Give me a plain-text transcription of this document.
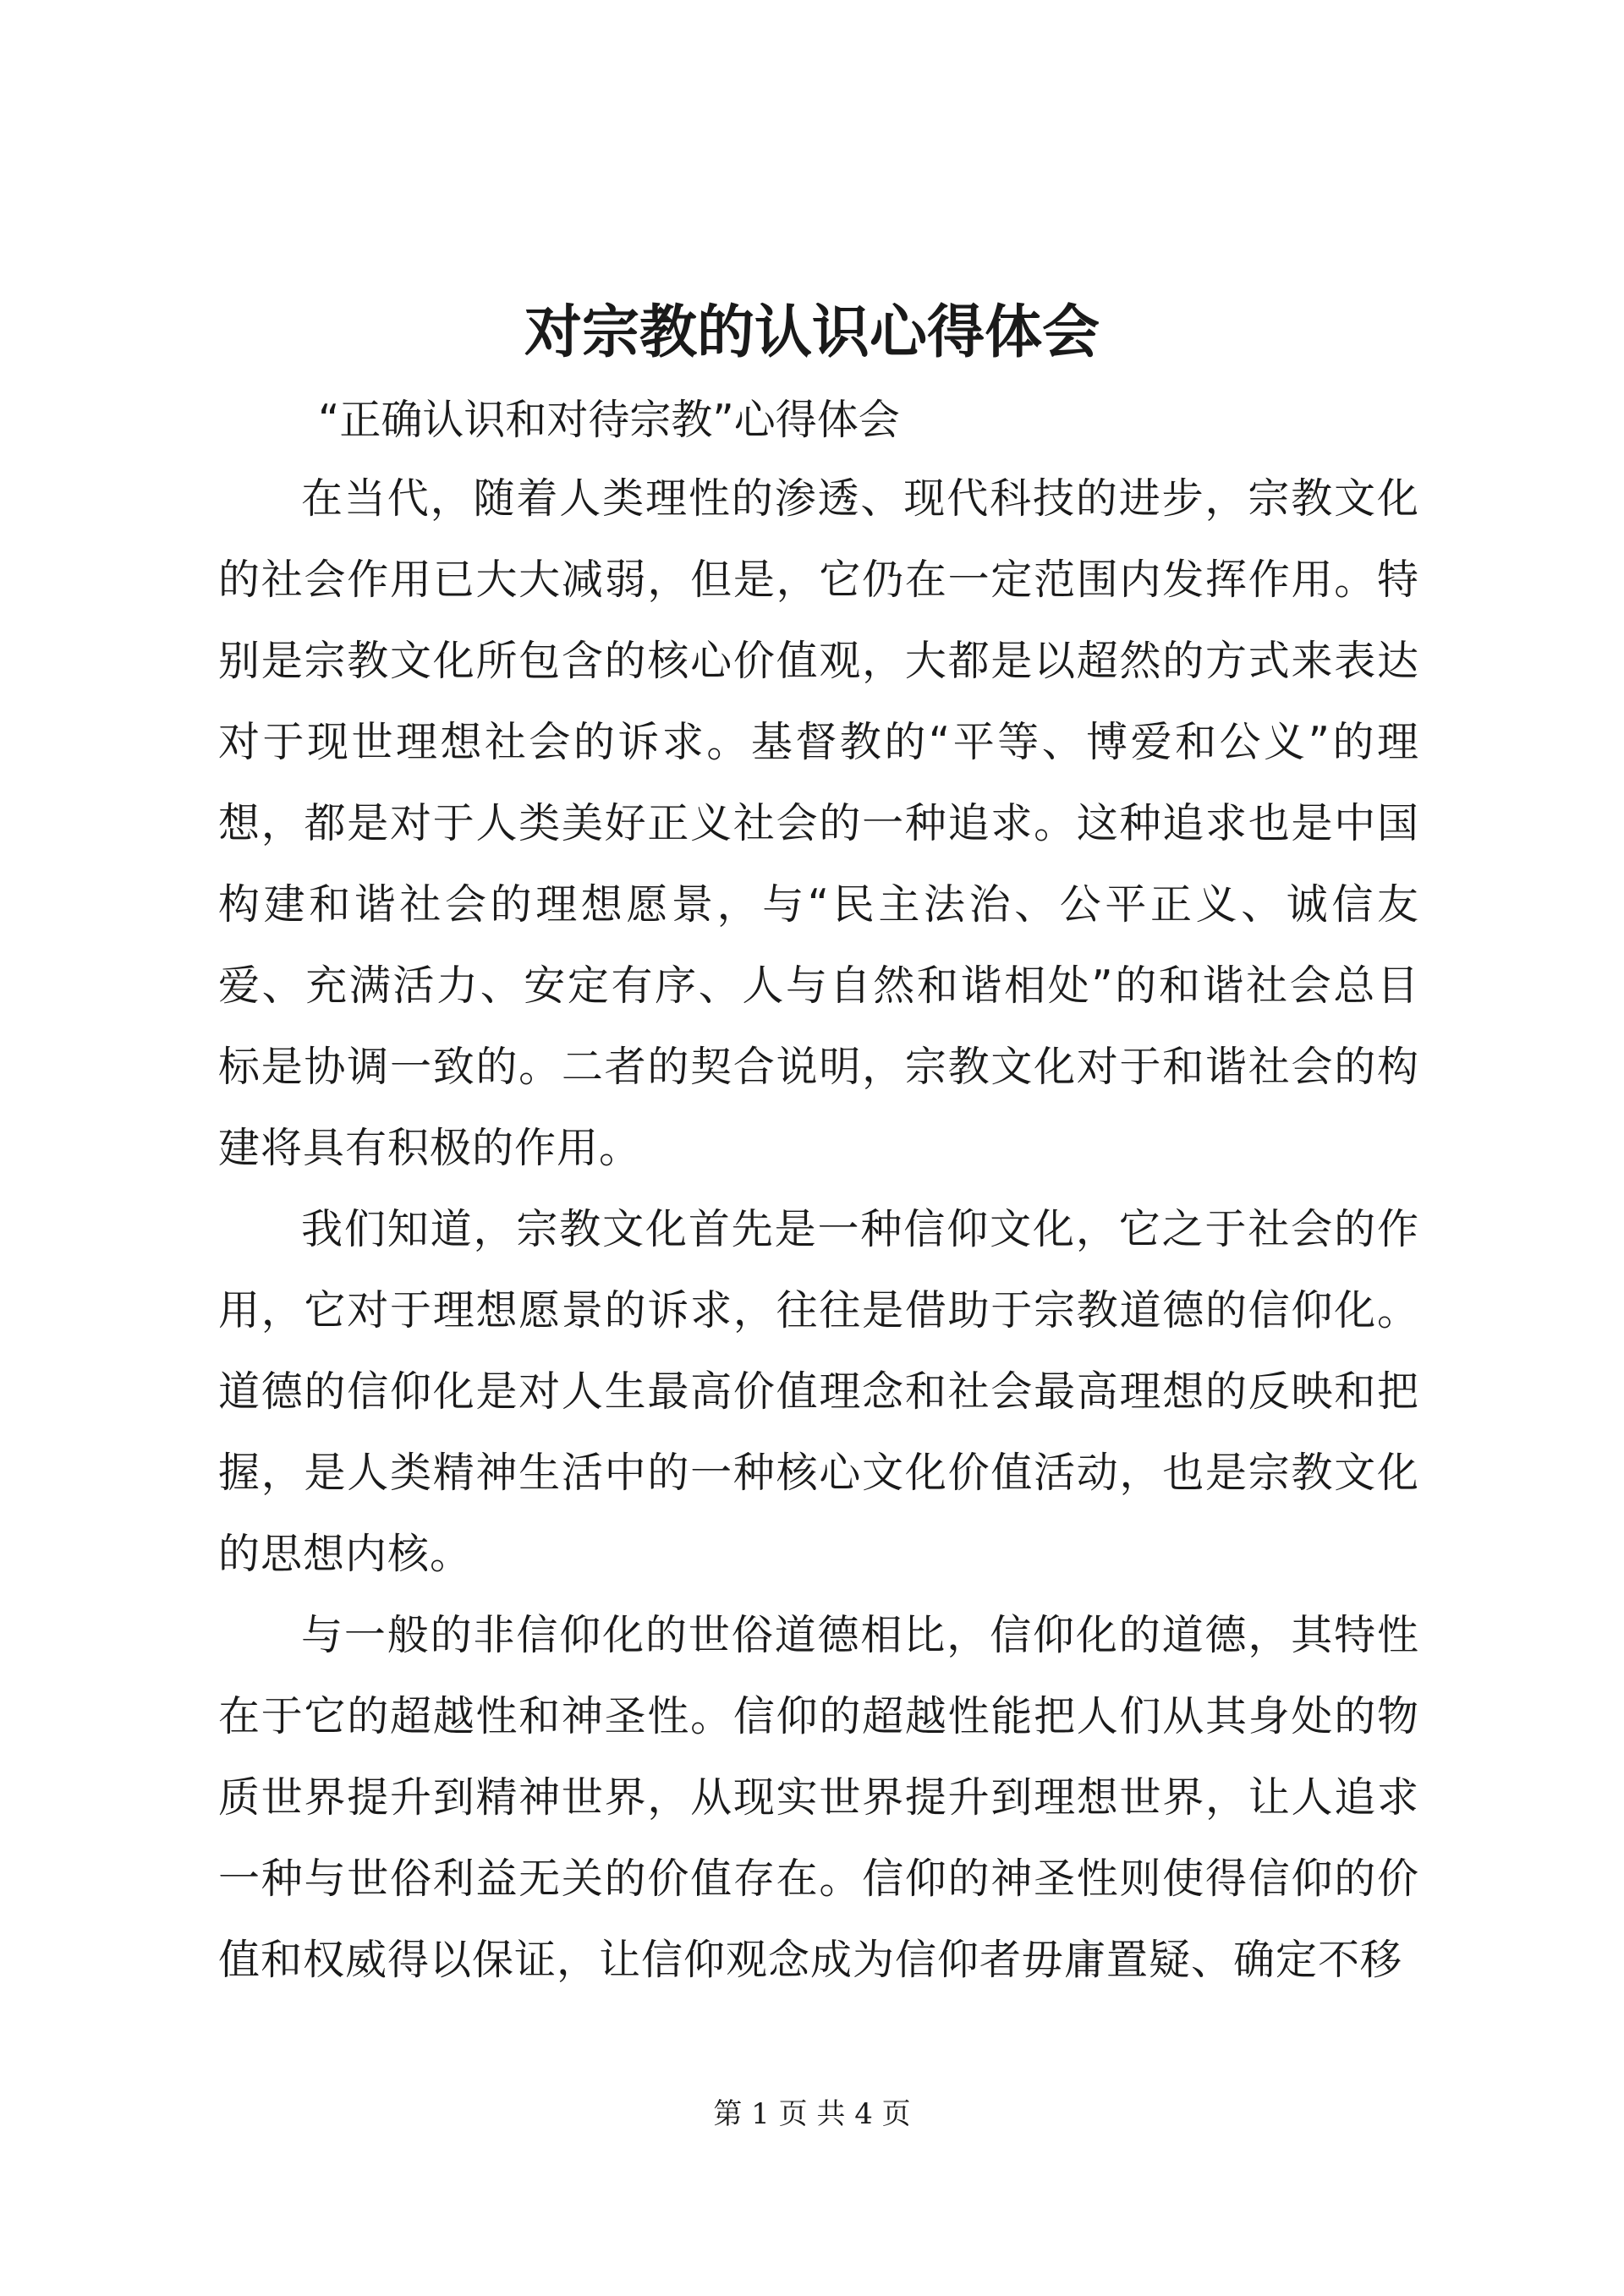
对宗教的认识心得体会

“正确认识和对待宗教”心得体会

在当代，随着人类理性的渗透、现代科技的进步，宗教文化的社会作用已大大减弱，但是，它仍在一定范围内发挥作用。特别是宗教文化所包含的核心价值观，大都是以超然的方式来表达对于现世理想社会的诉求。基督教的“平等、博爱和公义”的理想，都是对于人类美好正义社会的一种追求。这种追求也是中国构建和谐社会的理想愿景，与“民主法治、公平正义、诚信友爱、充满活力、安定有序、人与自然和谐相处”的和谐社会总目标是协调一致的。二者的契合说明，宗教文化对于和谐社会的构建将具有积极的作用。

我们知道，宗教文化首先是一种信仰文化，它之于社会的作用，它对于理想愿景的诉求，往往是借助于宗教道德的信仰化。道德的信仰化是对人生最高价值理念和社会最高理想的反映和把握，是人类精神生活中的一种核心文化价值活动，也是宗教文化的思想内核。

与一般的非信仰化的世俗道德相比，信仰化的道德，其特性在于它的超越性和神圣性。信仰的超越性能把人们从其身处的物质世界提升到精神世界，从现实世界提升到理想世界，让人追求一种与世俗利益无关的价值存在。信仰的神圣性则使得信仰的价值和权威得以保证，让信仰观念成为信仰者毋庸置疑、确定不移

第 1 页 共 4 页
